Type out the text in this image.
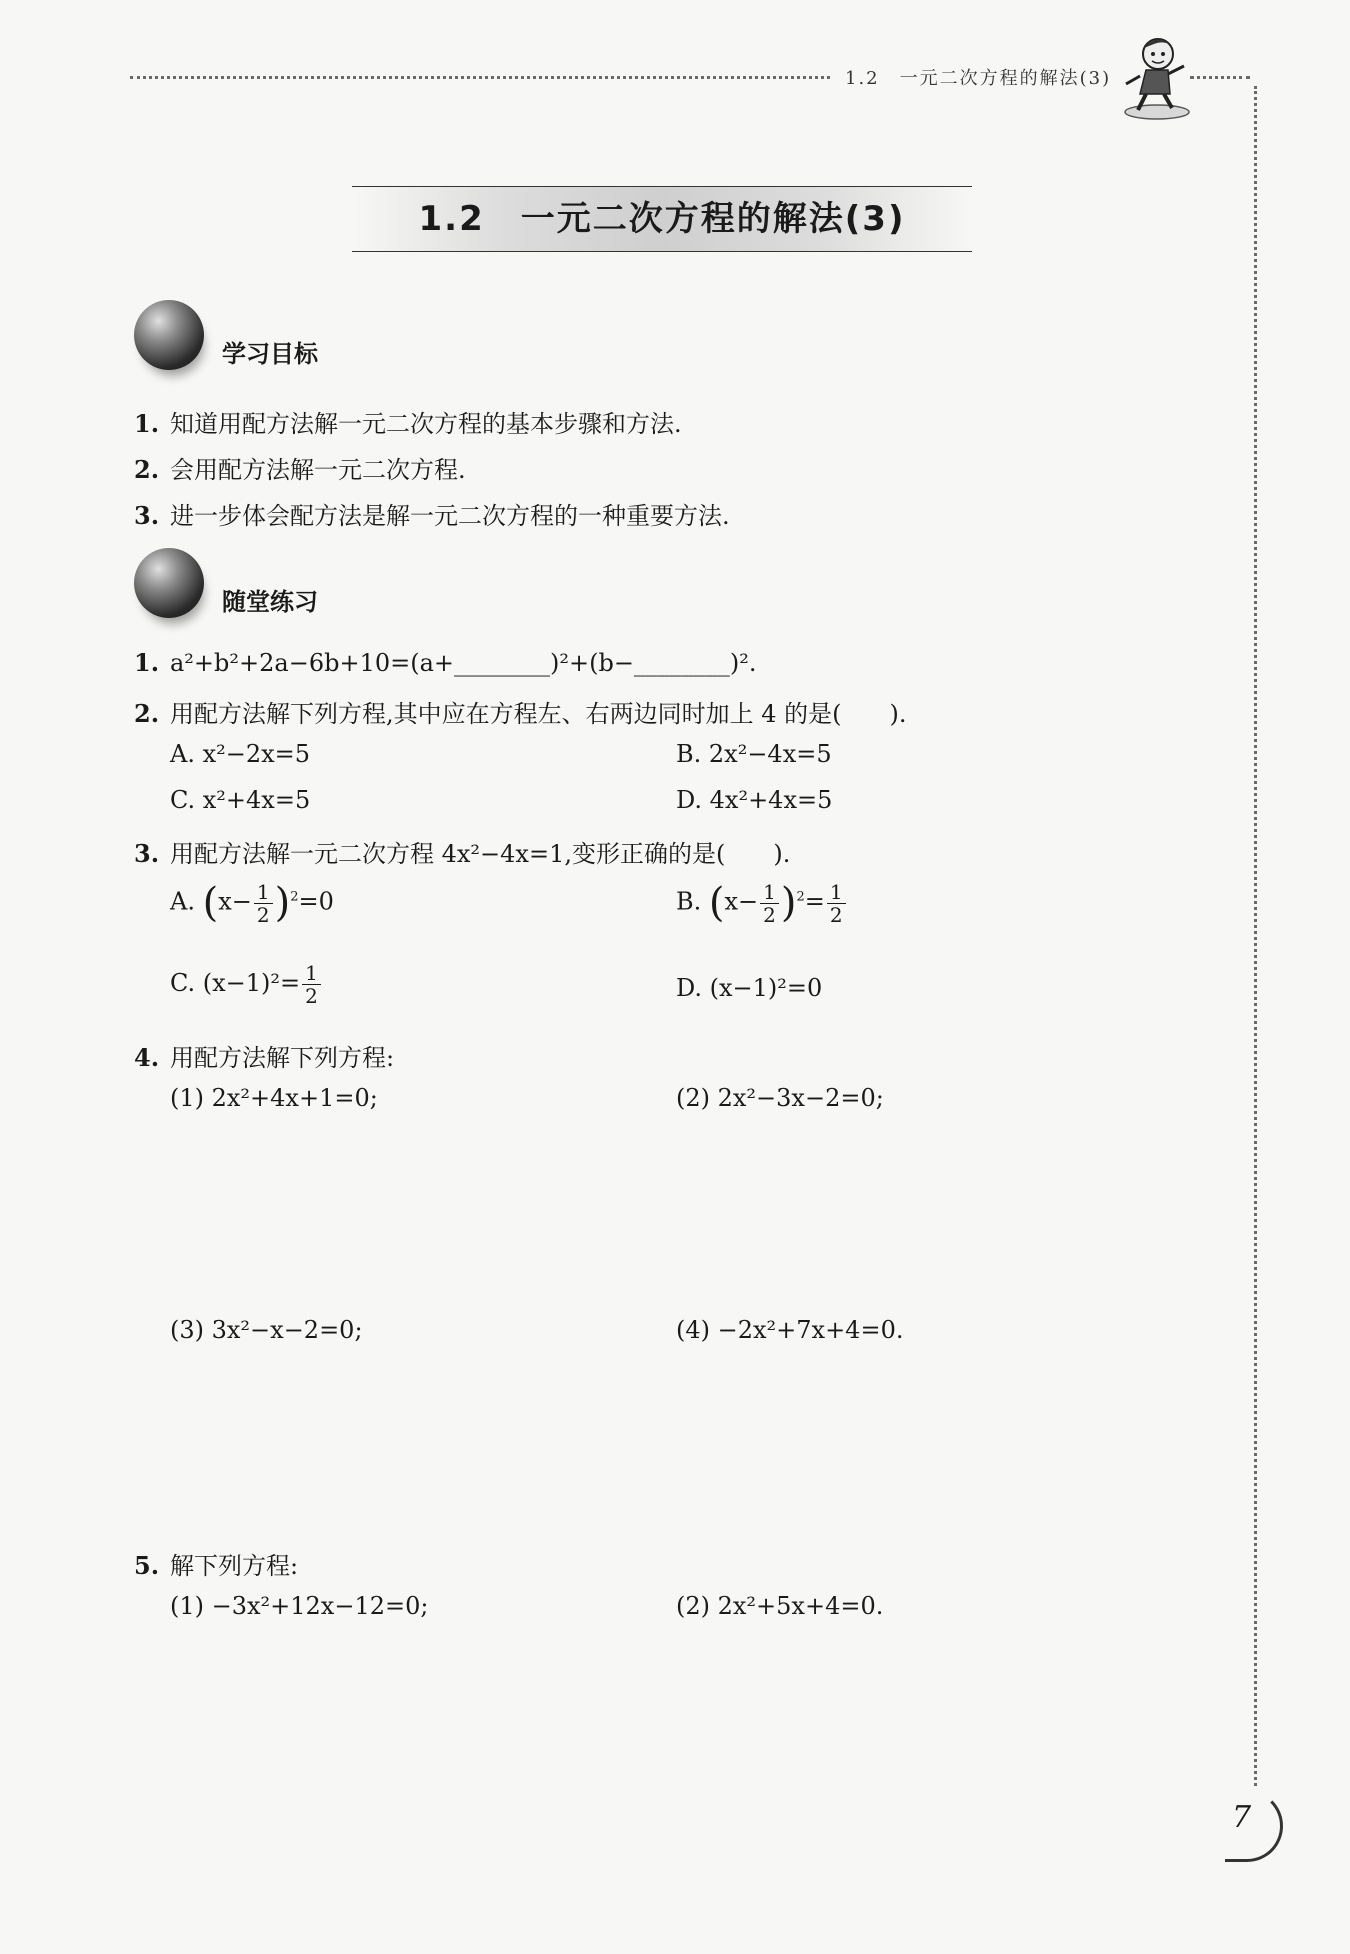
1.2　一元二次方程的解法(3)
1.2　一元二次方程的解法(3)
学习目标
1. 知道用配方法解一元二次方程的基本步骤和方法.
2. 会用配方法解一元二次方程.
3. 进一步体会配方法是解一元二次方程的一种重要方法.
随堂练习
1. a²+b²+2a−6b+10=(a+________)²+(b−________)².
2. 用配方法解下列方程,其中应在方程左、右两边同时加上 4 的是(　　).
A. x²−2x=5	B. 2x²−4x=5
C. x²+4x=5	D. 4x²+4x=5
3. 用配方法解一元二次方程 4x²−4x=1,变形正确的是(　　).
A. $(x- \frac{1}{2} )^2=0$	B. $(x- \frac{1}{2} )^2= \frac{1}{2}$
C. $(x-1)^2= \frac{1}{2}$	D. (x−1)²=0
4. 用配方法解下列方程:
(1) 2x²+4x+1=0;	(2) 2x²−3x−2=0;
(3) 3x²−x−2=0;	(4) −2x²+7x+4=0.
5. 解下列方程:
(1) −3x²+12x−12=0;	(2) 2x²+5x+4=0.
7
